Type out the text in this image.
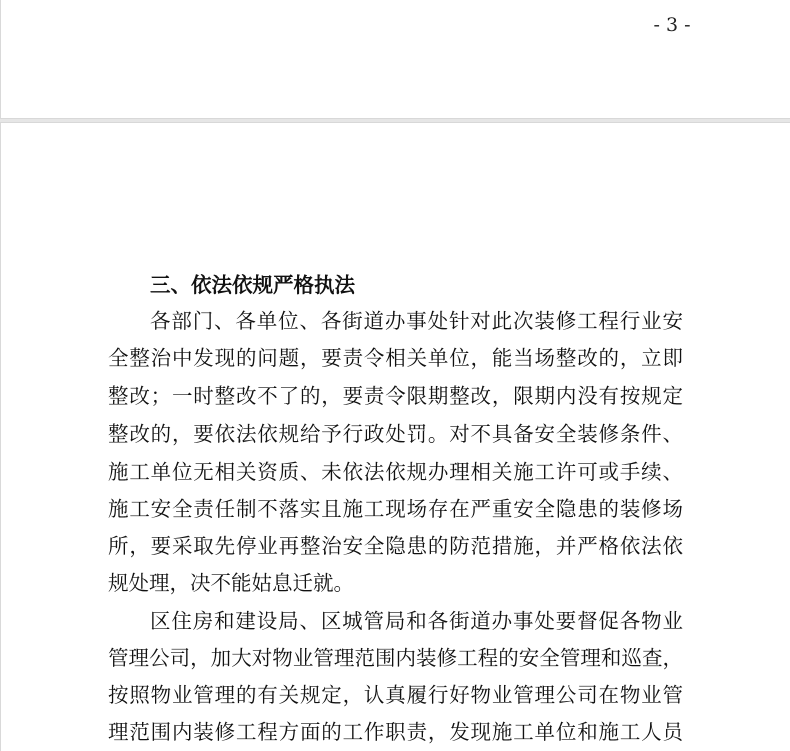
- 3 -
三、依法依规严格执法
各部门、各单位、各街道办事处针对此次装修工程行业安
全整治中发现的问题，要责令相关单位，能当场整改的，立即
整改；一时整改不了的，要责令限期整改，限期内没有按规定
整改的，要依法依规给予行政处罚。对不具备安全装修条件、
施工单位无相关资质、未依法依规办理相关施工许可或手续、
施工安全责任制不落实且施工现场存在严重安全隐患的装修场
所，要采取先停业再整治安全隐患的防范措施，并严格依法依
规处理，决不能姑息迁就。
区住房和建设局、区城管局和各街道办事处要督促各物业
管理公司，加大对物业管理范围内装修工程的安全管理和巡查，
按照物业管理的有关规定，认真履行好物业管理公司在物业管
理范围内装修工程方面的工作职责，发现施工单位和施工人员
